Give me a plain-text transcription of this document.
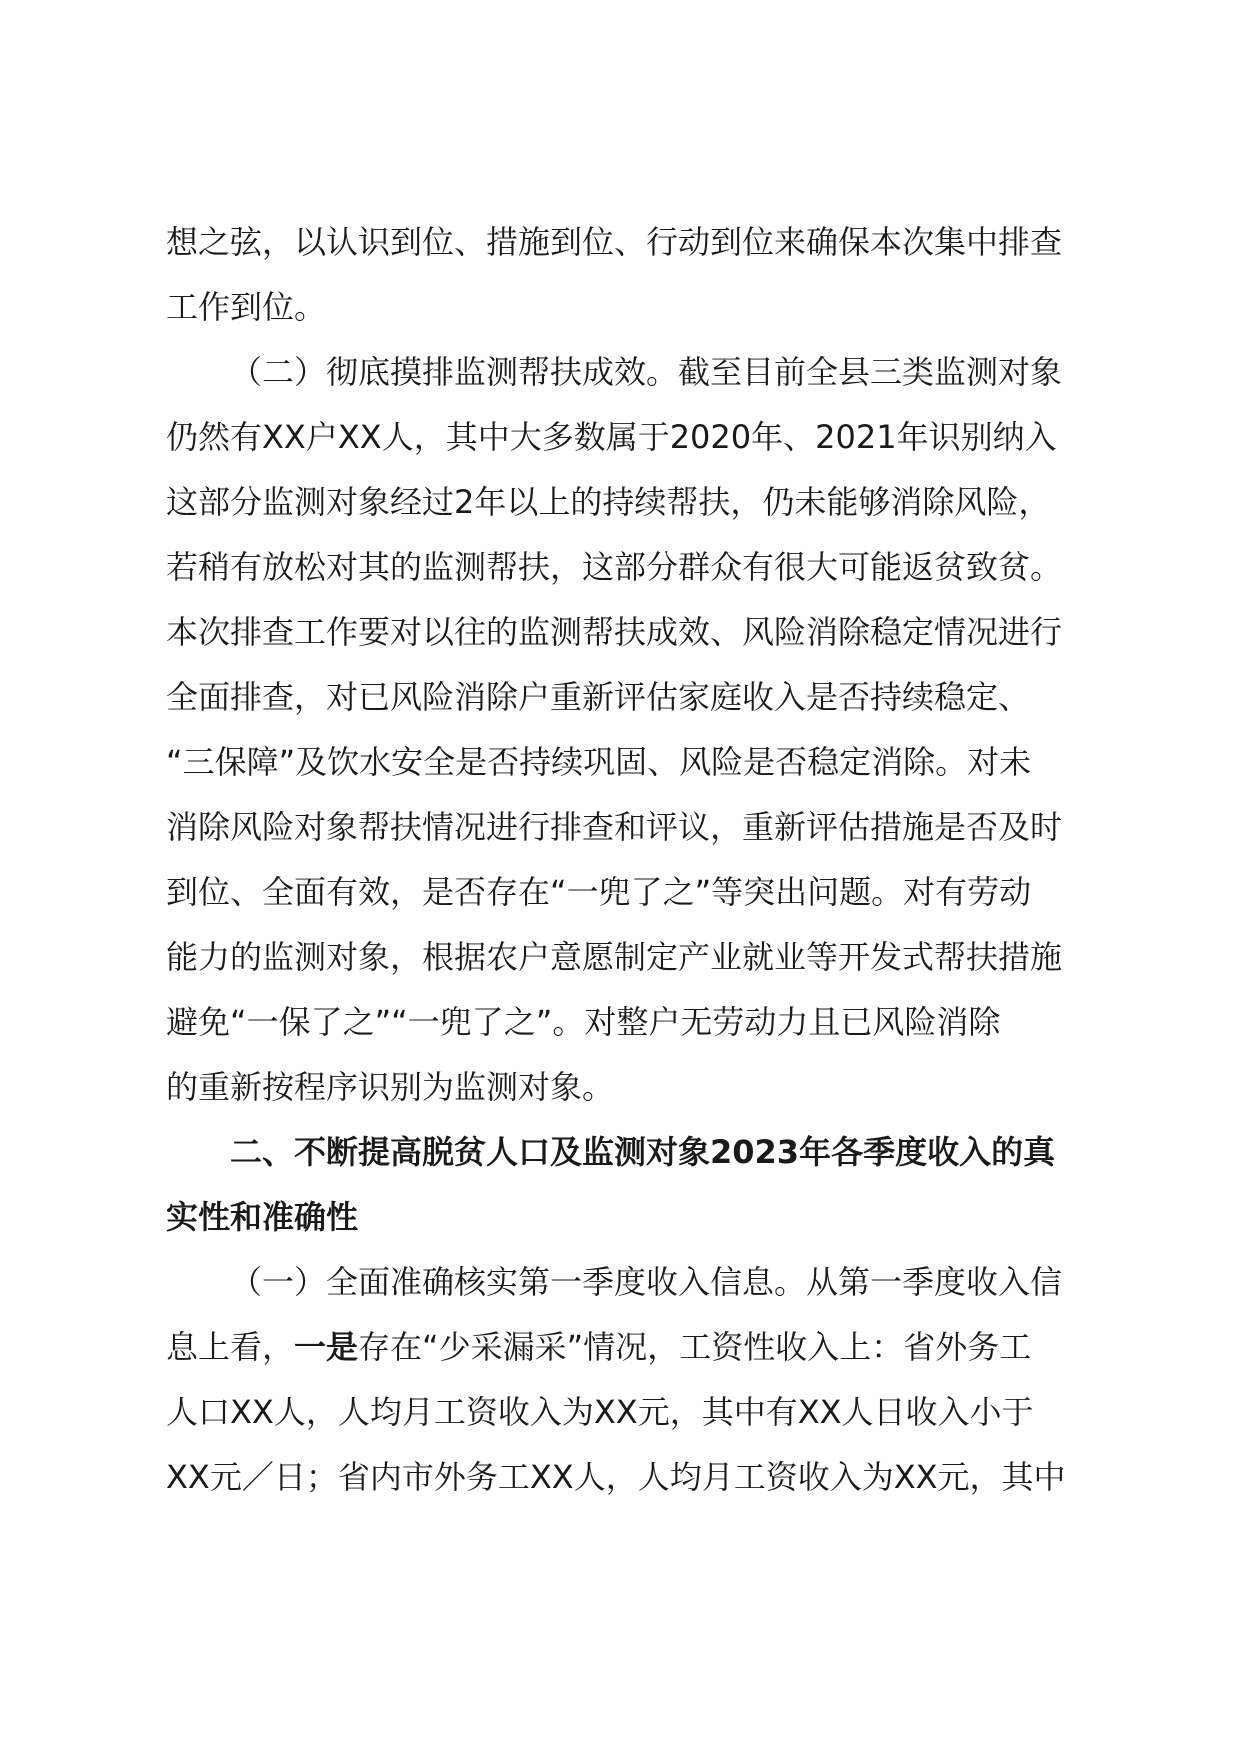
想之弦，以认识到位、措施到位、行动到位来确保本次集中排查
工作到位。
（二）彻底摸排监测帮扶成效。截至目前全县三类监测对象
仍然有XX户XX人，其中大多数属于2020年、2021年识别纳入
这部分监测对象经过2年以上的持续帮扶，仍未能够消除风险，
若稍有放松对其的监测帮扶，这部分群众有很大可能返贫致贫。
本次排查工作要对以往的监测帮扶成效、风险消除稳定情况进行
全面排查，对已风险消除户重新评估家庭收入是否持续稳定、
“三保障”及饮水安全是否持续巩固、风险是否稳定消除。对未
消除风险对象帮扶情况进行排查和评议，重新评估措施是否及时
到位、全面有效，是否存在“一兜了之”等突出问题。对有劳动
能力的监测对象，根据农户意愿制定产业就业等开发式帮扶措施
避免“一保了之”“一兜了之”。对整户无劳动力且已风险消除
的重新按程序识别为监测对象。
二、不断提高脱贫人口及监测对象2023年各季度收入的真
实性和准确性
（一）全面准确核实第一季度收入信息。从第一季度收入信
息上看，一是存在“少采漏采”情况，工资性收入上：省外务工
人口XX人，人均月工资收入为XX元，其中有XX人日收入小于
XX元／日；省内市外务工XX人，人均月工资收入为XX元，其中
